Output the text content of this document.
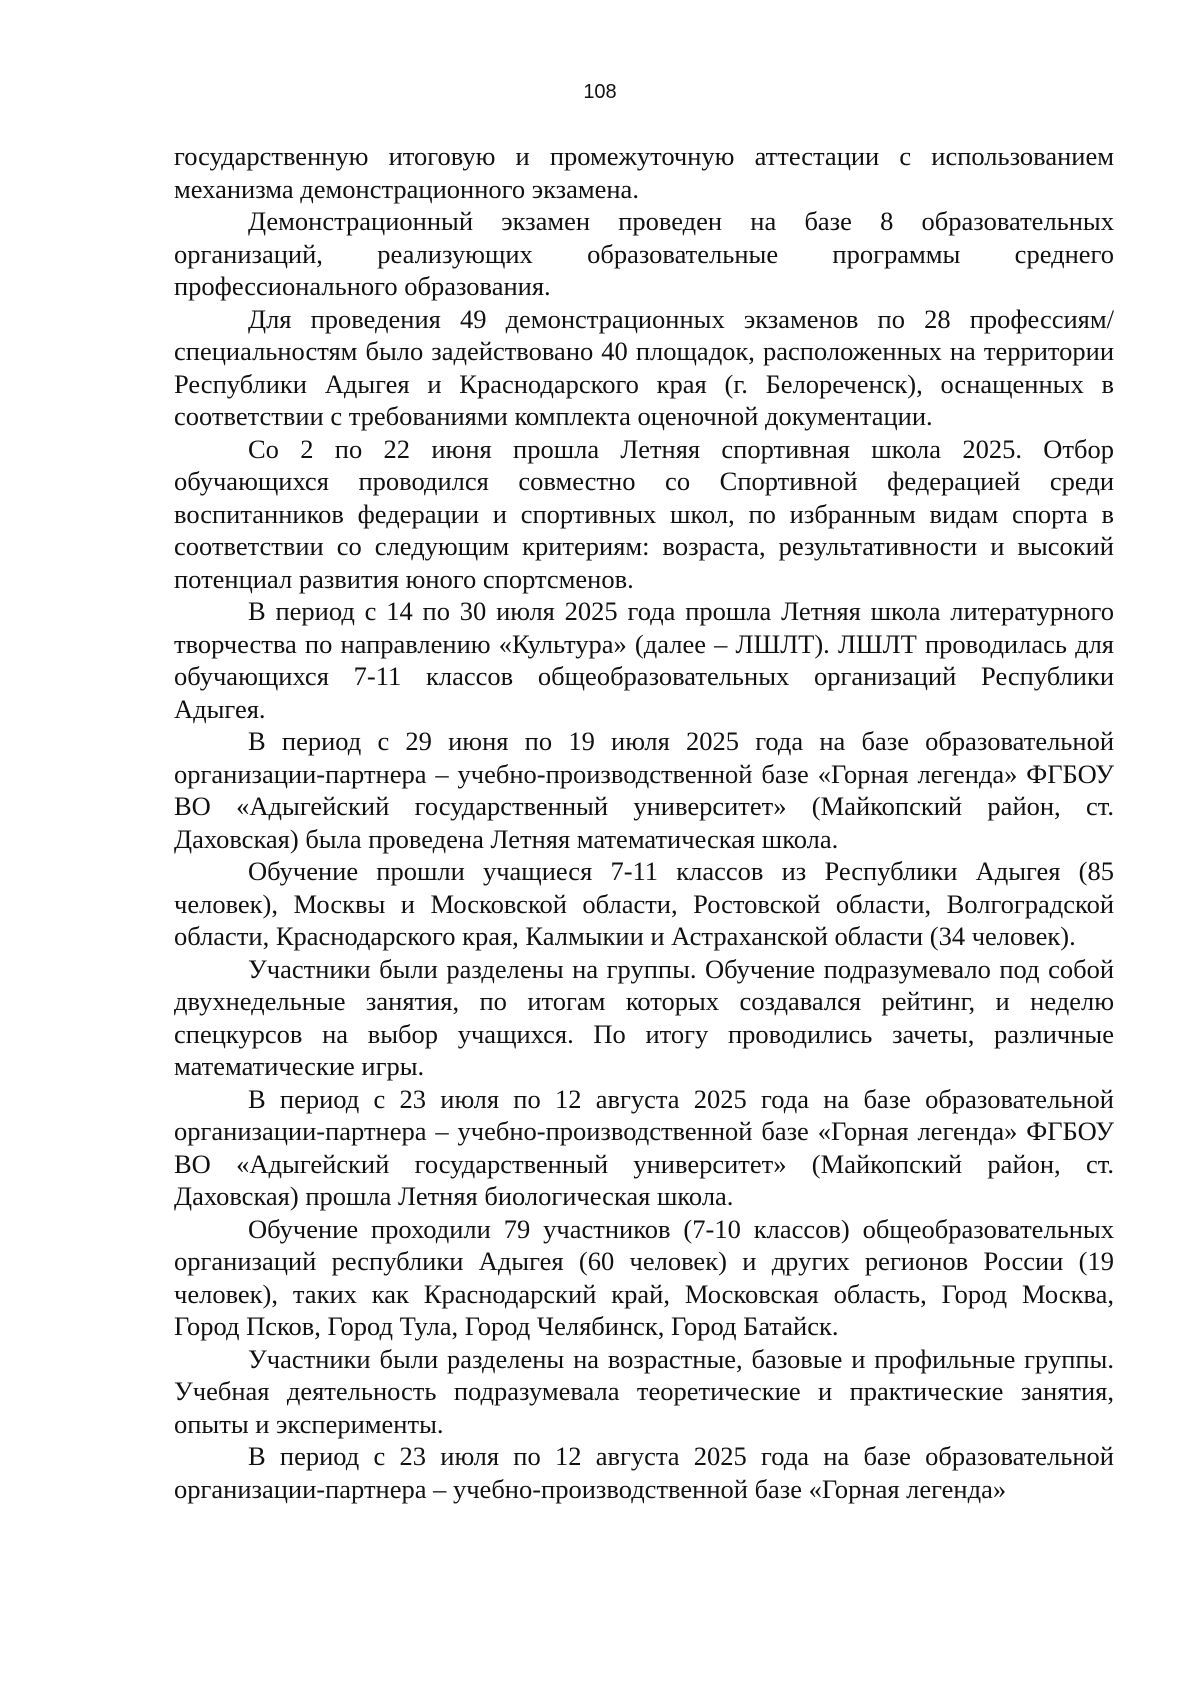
108

государственную итоговую и промежуточную аттестации с использованием механизма демонстрационного экзамена.

Демонстрационный экзамен проведен на базе 8 образовательных организаций, реализующих образовательные программы среднего профессионального образования.

Для проведения 49 демонстрационных экзаменов по 28 профессиям/специальностям было задействовано 40 площадок, расположенных на территории Республики Адыгея и Краснодарского края (г. Белореченск), оснащенных в соответствии с требованиями комплекта оценочной документации.

Со 2 по 22 июня прошла Летняя спортивная школа 2025. Отбор обучающихся проводился совместно со Спортивной федерацией среди воспитанников федерации и спортивных школ, по избранным видам спорта в соответствии со следующим критериям: возраста, результативности и высокий потенциал развития юного спортсменов.

В период с 14 по 30 июля 2025 года прошла Летняя школа литературного творчества по направлению «Культура» (далее – ЛШЛТ). ЛШЛТ проводилась для обучающихся 7-11 классов общеобразовательных организаций Республики Адыгея.

В период с 29 июня по 19 июля 2025 года на базе образовательной организации-партнера – учебно-производственной базе «Горная легенда» ФГБОУ ВО «Адыгейский государственный университет» (Майкопский район, ст. Даховская) была проведена Летняя математическая школа.

Обучение прошли учащиеся 7-11 классов из Республики Адыгея (85 человек), Москвы и Московской области, Ростовской области, Волгоградской области, Краснодарского края, Калмыкии и Астраханской области (34 человек).

Участники были разделены на группы. Обучение подразумевало под собой двухнедельные занятия, по итогам которых создавался рейтинг, и неделю спецкурсов на выбор учащихся. По итогу проводились зачеты, различные математические игры.

В период с 23 июля по 12 августа 2025 года на базе образовательной организации-партнера – учебно-производственной базе «Горная легенда» ФГБОУ ВО «Адыгейский государственный университет» (Майкопский район, ст. Даховская) прошла Летняя биологическая школа.

Обучение проходили 79 участников (7-10 классов) общеобразовательных организаций республики Адыгея (60 человек) и других регионов России (19 человек), таких как Краснодарский край, Московская область, Город Москва, Город Псков, Город Тула, Город Челябинск, Город Батайск.

Участники были разделены на возрастные, базовые и профильные группы. Учебная деятельность подразумевала теоретические и практические занятия, опыты и эксперименты.

В период с 23 июля по 12 августа 2025 года на базе образовательной организации-партнера – учебно-производственной базе «Горная легенда»
